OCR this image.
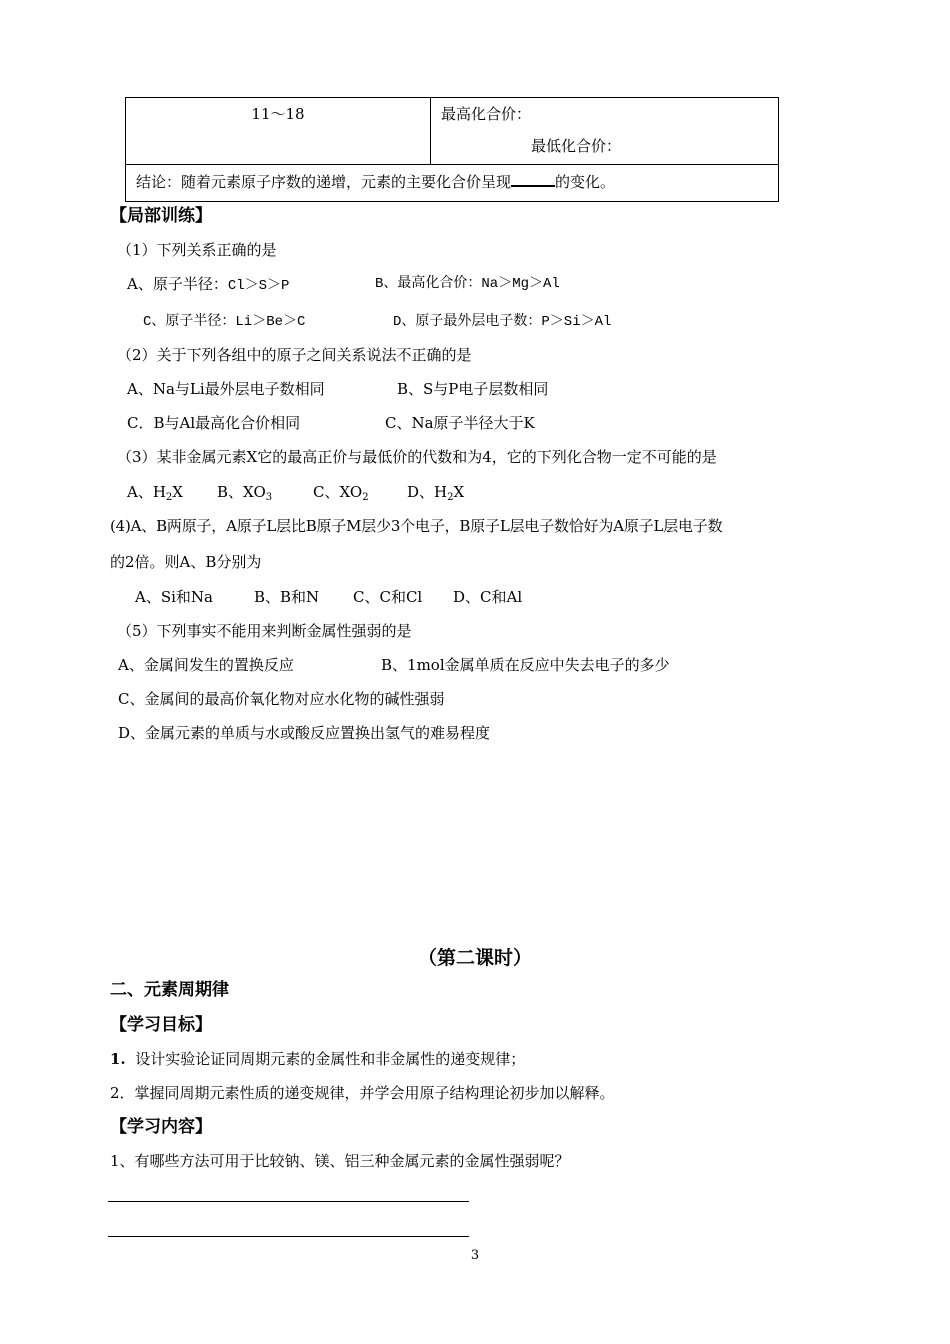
11～18	最高化合价：
最低化合价：

结论：随着元素原子序数的递增，元素的主要化合价呈现	的变化。
【局部训练】
（1）下列关系正确的是
A、原子半径：Cl＞S＞P	B、最高化合价：Na＞Mg＞Al
C、原子半径：Li＞Be＞C	D、原子最外层电子数：P＞Si＞Al
（2）关于下列各组中的原子之间关系说法不正确的是
A、Na与Li最外层电子数相同	B、S与P电子层数相同
C．B与Al最高化合价相同	C、Na原子半径大于K
（3）某非金属元素X它的最高正价与最低价的代数和为4，它的下列化合物一定不可能的是
A、$H_2X$ B、$XO_3$	C、$XO_2$	D、$H_2X$
(4)A、B两原子，A原子L层比B原子M层少3个电子，B原子L层电子数恰好为A原子L层电子数
的2倍。则A、B分别为
A、Si和Na	B、B和N C、C和Cl D、C和Al
（5）下列事实不能用来判断金属性强弱的是
A、金属间发生的置换反应	B、1mol金属单质在反应中失去电子的多少
C、金属间的最高价氧化物对应水化物的碱性强弱
D、金属元素的单质与水或酸反应置换出氢气的难易程度
（第二课时）
二、元素周期律
【学习目标】
1. 设计实验论证同周期元素的金属性和非金属性的递变规律；
2．掌握同周期元素性质的递变规律，并学会用原子结构理论初步加以解释。
【学习内容】
1、有哪些方法可用于比较钠、镁、铝三种金属元素的金属性强弱呢？
3
